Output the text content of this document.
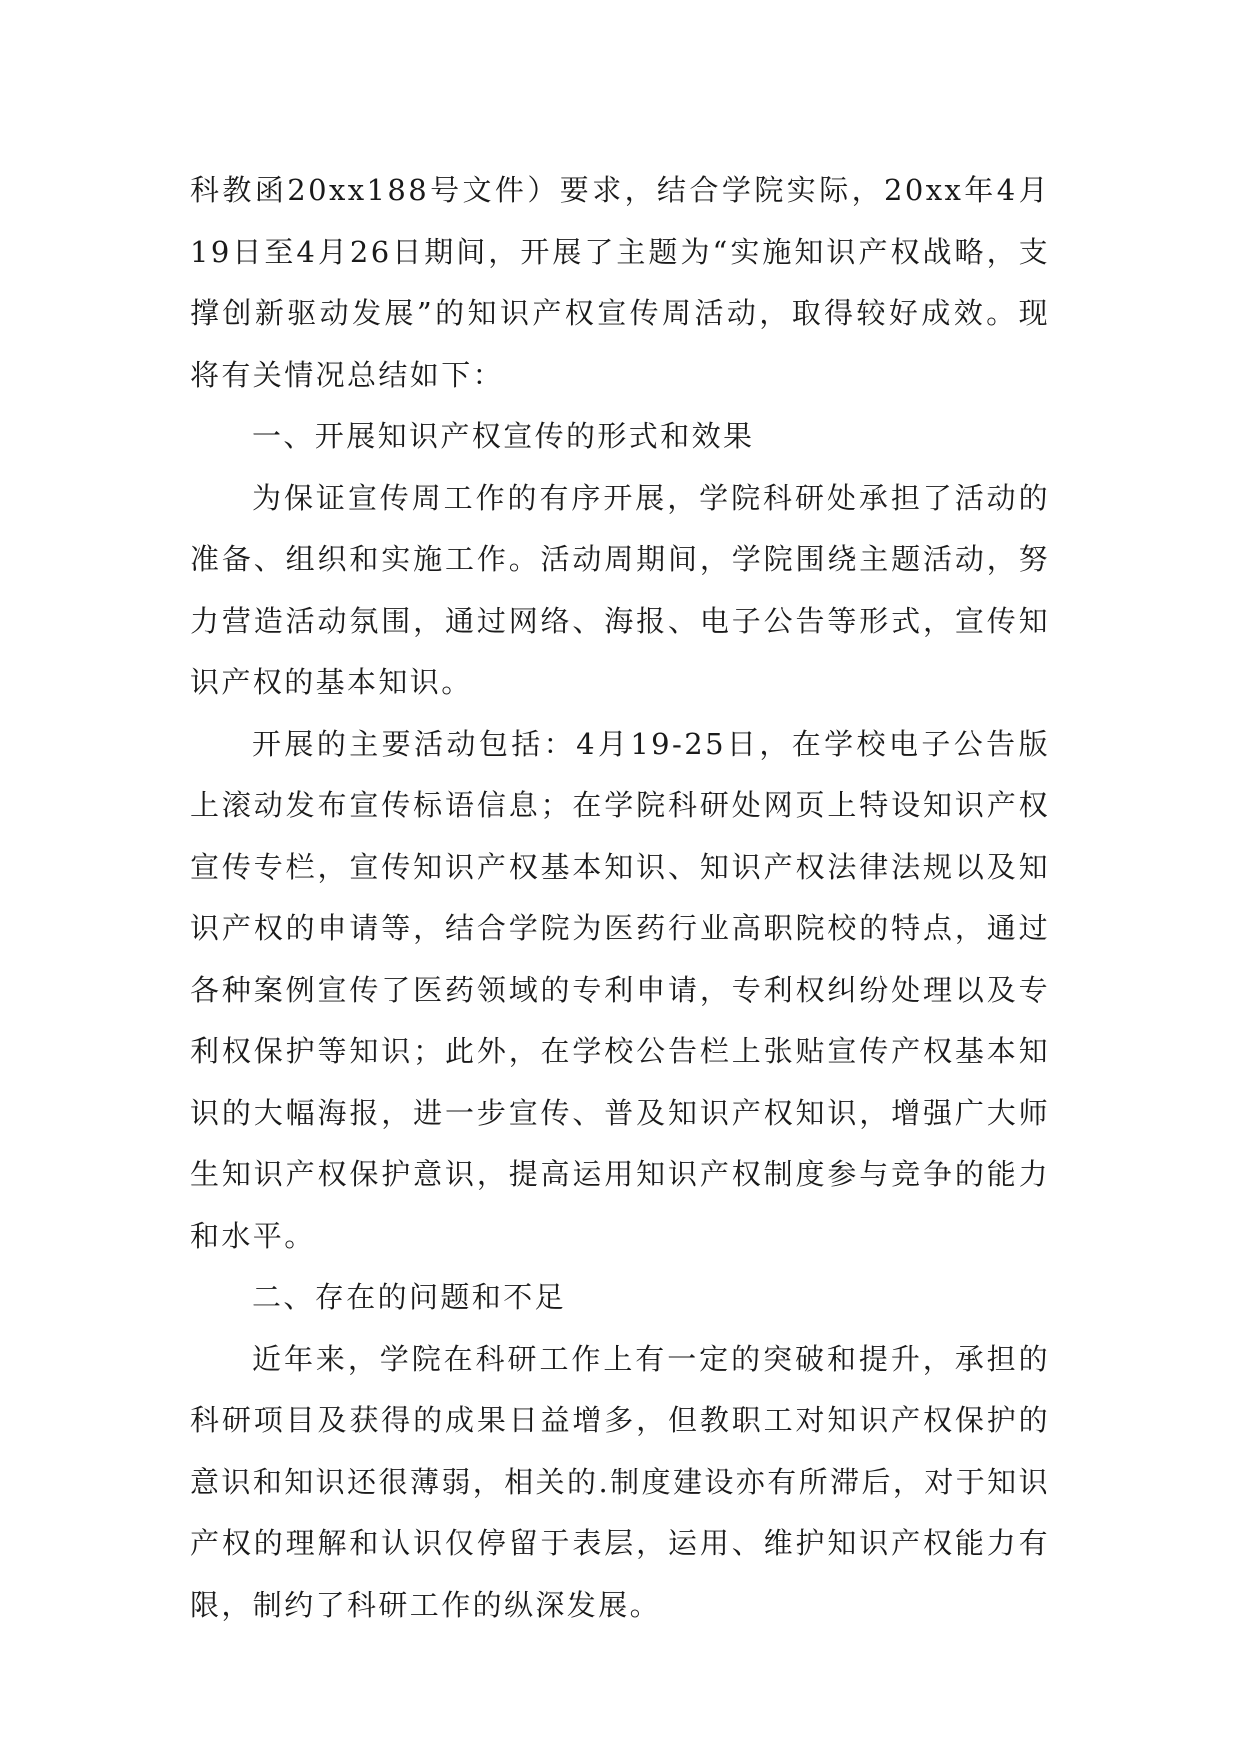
科教函20xx188号文件）要求，结合学院实际，20xx年4月19日至4月26日期间，开展了主题为“实施知识产权战略，支撑创新驱动发展”的知识产权宣传周活动，取得较好成效。现将有关情况总结如下：

一、开展知识产权宣传的形式和效果

为保证宣传周工作的有序开展，学院科研处承担了活动的准备、组织和实施工作。活动周期间，学院围绕主题活动，努力营造活动氛围，通过网络、海报、电子公告等形式，宣传知识产权的基本知识。

开展的主要活动包括：4月19-25日，在学校电子公告版上滚动发布宣传标语信息；在学院科研处网页上特设知识产权宣传专栏，宣传知识产权基本知识、知识产权法律法规以及知识产权的申请等，结合学院为医药行业高职院校的特点，通过各种案例宣传了医药领域的专利申请，专利权纠纷处理以及专利权保护等知识；此外，在学校公告栏上张贴宣传产权基本知识的大幅海报，进一步宣传、普及知识产权知识，增强广大师生知识产权保护意识，提高运用知识产权制度参与竞争的能力和水平。

二、存在的问题和不足

近年来，学院在科研工作上有一定的突破和提升，承担的科研项目及获得的成果日益增多，但教职工对知识产权保护的意识和知识还很薄弱，相关的.制度建设亦有所滞后，对于知识产权的理解和认识仅停留于表层，运用、维护知识产权能力有限，制约了科研工作的纵深发展。
